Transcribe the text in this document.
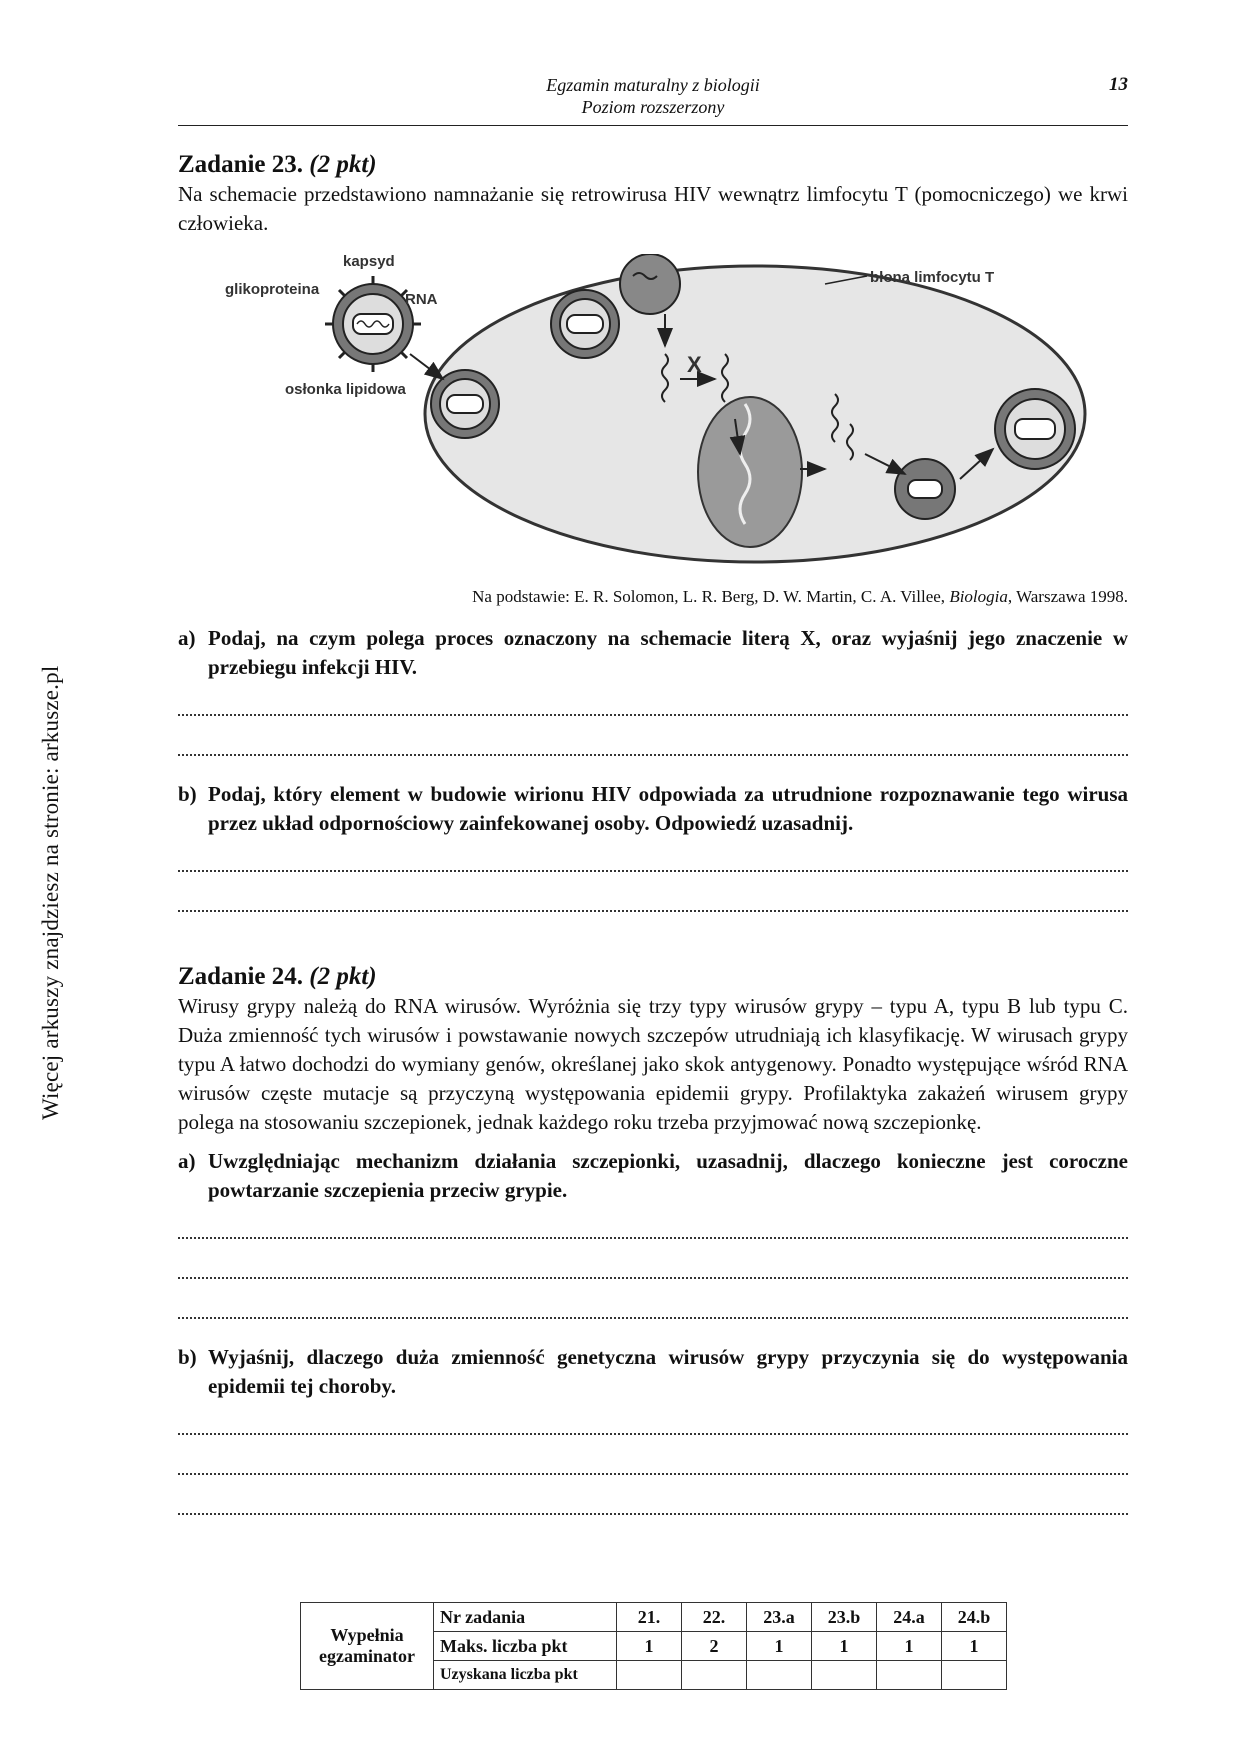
Więcej arkuszy znajdziesz na stronie: arkusze.pl
Egzamin maturalny z biologii
Poziom rozszerzony
13
Zadanie 23. (2 pkt)
Na schemacie przedstawiono namnażanie się retrowirusa HIV wewnątrz limfocytu T (pomocniczego) we krwi człowieka.
kapsyd
glikoproteina
RNA
osłonka lipidowa
błona limfocytu T
X
Na podstawie: E. R. Solomon, L. R. Berg, D. W. Martin, C. A. Villee, Biologia, Warszawa 1998.
a) Podaj, na czym polega proces oznaczony na schemacie literą X, oraz wyjaśnij jego znaczenie w przebiegu infekcji HIV.
b) Podaj, który element w budowie wirionu HIV odpowiada za utrudnione rozpoznawanie tego wirusa przez układ odpornościowy zainfekowanej osoby. Odpowiedź uzasadnij.
Zadanie 24. (2 pkt)
Wirusy grypy należą do RNA wirusów. Wyróżnia się trzy typy wirusów grypy – typu A, typu B lub typu C. Duża zmienność tych wirusów i powstawanie nowych szczepów utrudniają ich klasyfikację. W wirusach grypy typu A łatwo dochodzi do wymiany genów, określanej jako skok antygenowy. Ponadto występujące wśród RNA wirusów częste mutacje są przyczyną występowania epidemii grypy. Profilaktyka zakażeń wirusem grypy polega na stosowaniu szczepionek, jednak każdego roku trzeba przyjmować nową szczepionkę.
a) Uwzględniając mechanizm działania szczepionki, uzasadnij, dlaczego konieczne jest coroczne powtarzanie szczepienia przeciw grypie.
b) Wyjaśnij, dlaczego duża zmienność genetyczna wirusów grypy przyczynia się do występowania epidemii tej choroby.
Wypełnia
egzaminator	Nr zadania	21.	22.	23.a	23.b	24.a	24.b
	Maks. liczba pkt	1	2	1	1	1	1
	Uzyskana liczba pkt						
